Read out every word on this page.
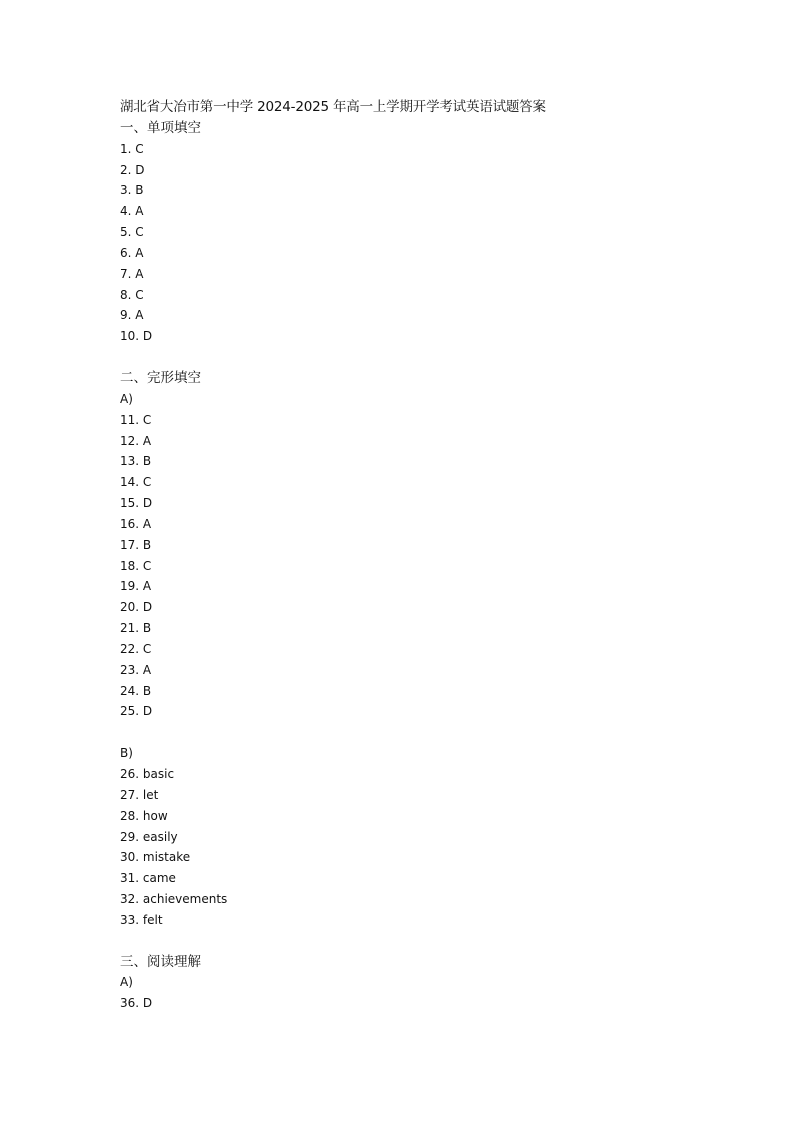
湖北省大冶市第一中学 2024-2025 年高一上学期开学考试英语试题答案
一、单项填空
1. C
2. D
3. B
4. A
5. C
6. A
7. A
8. C
9. A
10. D
二、完形填空
A)
11. C
12. A
13. B
14. C
15. D
16. A
17. B
18. C
19. A
20. D
21. B
22. C
23. A
24. B
25. D
B)
26. basic
27. let
28. how
29. easily
30. mistake
31. came
32. achievements
33. felt
三、阅读理解
A)
36. D
